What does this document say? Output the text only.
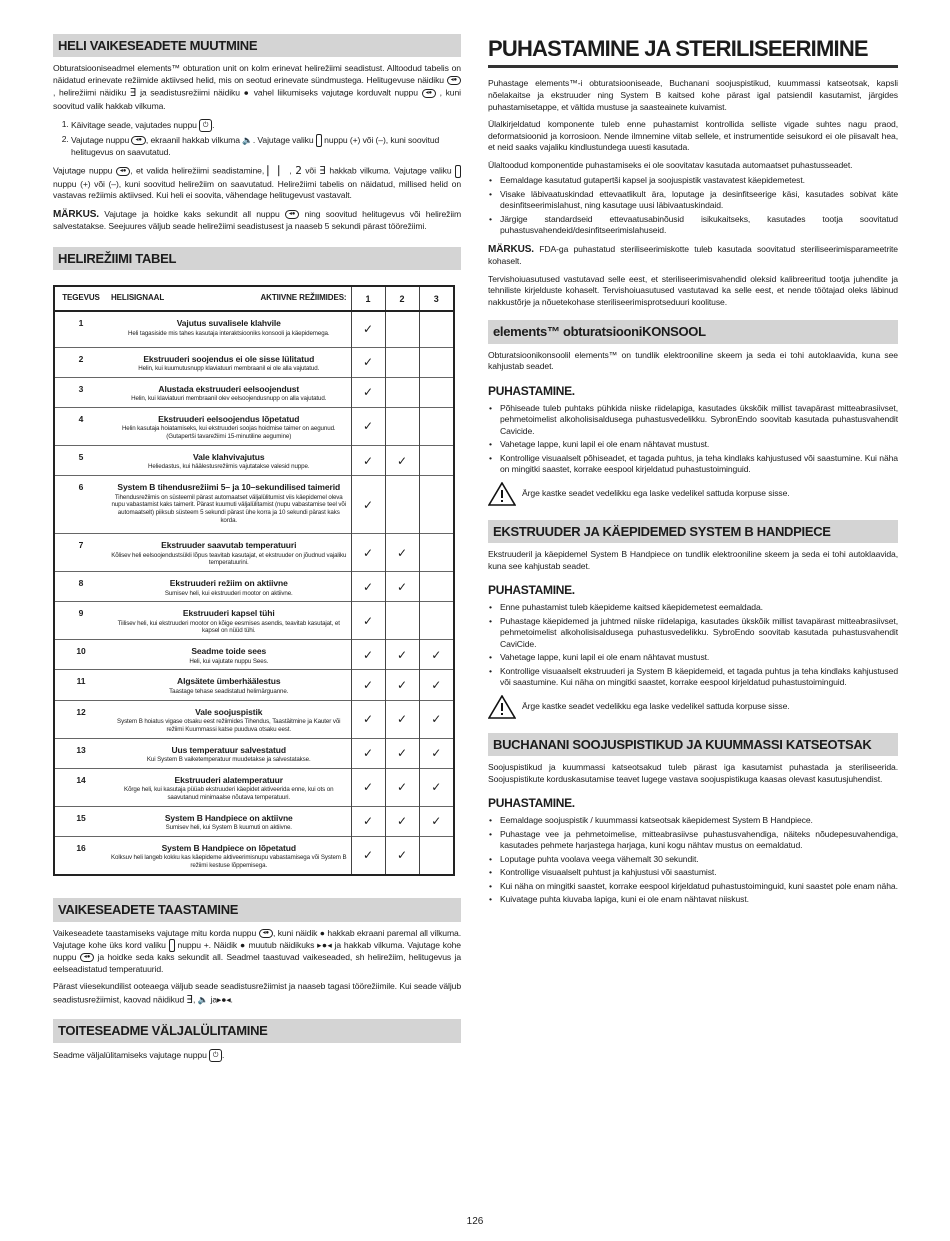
HELI VAIKESEADETE MUUTMINE

Obturatsiooniseadmel elements™ obturation unit on kolm erinevat helirežiimi seadistust. Alltoodud tabelis on näidatud erinevate režiimide aktiivsed helid, mis on seotud erinevate sündmustega. Helitugevuse näidiku ◂● , helirežiimi näidiku ∃ ja seadistusrežiimi näidiku ● vahel liikumiseks vajutage korduvalt nuppu ◂● , kuni soovitud valik hakkab vilkuma.

1. Käivitage seade, vajutades nuppu ⏻ .
2. Vajutage nuppu ◂● , ekraanil hakkab vilkuma 🔈. Vajutage valiku nuppu (+) või (–), kuni soovitud helitugevus on saavutatud.

Vajutage nuppu ◂● , et valida helirežiimi seadistamine, ⎸⎸, 2 või ∃ hakkab vilkuma. Vajutage valiku  nuppu (+) või (–), kuni soovitud helirežiim on saavutatud. Helirežiimi tabelis on näidatud, millised helid on vastavas režiimis aktiivsed. Kui heli ei soovita, vähendage helitugevust vastavalt.

MÄRKUS. Vajutage ja hoidke kaks sekundit all nuppu ◂● ning soovitud helitugevus või helirežiim salvestatakse. Seejuures väljub seade helirežiimi seadistusest ja naaseb 5 sekundi pärast töörežiimi.

HELIREŽIIMI TABEL
TEGEVUS	HELISIGNAAL AKTIIVNE REŽIIMIDES:	1	2	3
1	Vajutus suvalisele klahvile
Heli tagasiside mis tahes kasutaja interaktsiooniks konsooli ja käepidemega.	✓		
2	Ekstruuderi soojendus ei ole sisse lülitatud
Helin, kui kuumutusnupp klaviatuuri membraanil ei ole alla vajutatud.	✓		
3	Alustada ekstruuderi eelsoojendust
Helin, kui klaviatuuri membraanil olev eelsoojendusnupp on alla vajutatud.	✓		
4	Ekstruuderi eelsoojendus lõpetatud
Helin kasutaja hoiatamiseks, kui ekstruuderi soojas hoidmise taimer on aegunud. (Gutapertši tavarežiimi 15-minutiline aegumine)	✓		
5	Vale klahvivajutus
Heliedastus, kui häälestusrežiimis vajutatakse valesid nuppe.	✓	✓	
6	System B tihendusrežiimi 5– ja 10–sekundilised taimerid
Tihendusrežiimis on süsteemil pärast automaatset väljalülitumist viis käepidemel oleva nupu vabastamist kaks taimerit. Pärast kuumuti väljalülitamist (nupu vabastamise teel või automaatselt) piiksub süsteem 5 sekundi pärast ühe korra ja 10 sekundi pärast kaks korda.	✓		
7	Ekstruuder saavutab temperatuuri
Kõlisev heli eelsoojendustsükli lõpus teavitab kasutajat, et ekstruuder on jõudnud vajaliku temperatuurini.	✓	✓	
8	Ekstruuderi režiim on aktiivne
Sumisev heli, kui ekstruuderi mootor on aktiivne.	✓	✓	
9	Ekstruuderi kapsel tühi
Tiilisev heli, kui ekstruuderi mootor on kõige eesmises asendis, teavitab kasutajat, et kapsel on nüüd tühi.	✓		
10	Seadme toide sees
Heli, kui vajutate nuppu Sees.	✓	✓	✓
11	Algsätete ümberhäälestus
Taastage tehase seadistatud helirnärguanne.	✓	✓	✓
12	Vale soojuspistik
System B hoiatus vigase otsaku eest režiimides Tihendus, Taastäitmine ja Kauter või režiimi Kuummassi katse puuduva otsaku eest.	✓	✓	✓
13	Uus temperatuur salvestatud
Kui System B vaiketemperatuur muudetakse ja salvestatakse.	✓	✓	✓
14	Ekstruuderi alatemperatuur
Kõrge heli, kui kasutaja püüab ekstruuderi käepidet aktiveerida enne, kui ots on saavutanud minimaalse nõutava temperatuuri.	✓	✓	✓
15	System B Handpiece on aktiivne
Sumisev heli, kui System B kuumuti on aktiivne.	✓	✓	✓
16	System B Handpiece on lõpetatud
Kolksuv heli langeb kokku kas käepideme aktiveerimisnupu vabastamisega või System B režiimi kestuse lõppemisega.	✓	✓	
VAIKESEADETE TAASTAMINE

Vaikeseadete taastamiseks vajutage mitu korda nuppu ◂● , kuni näidik ● hakkab ekraani paremal all vilkuma. Vajutage kohe üks kord valiku nuppu +. Näidik ● muutub näidikuks ▸●◂ ja hakkab vilkuma. Vajutage kohe nuppu ◂● ja hoidke seda kaks sekundit all. Seadmel taastuvad vaikeseaded, sh helirežiim, helitugevus ja eelseadistatud temperatuurid.

Pärast viiesekundilist ooteaega väljub seade seadistusrežiimist ja naaseb tagasi töörežiimile. Kui seade väljub seadistusrežiimist, kaovad näidikud ∃, 🔈 ja▸●◂.

TOITESEADME VÄLJALÜLITAMINE

Seadme väljalülitamiseks vajutage nuppu ⏻ .

PUHASTAMINE JA STERILISEERIMINE

Puhastage elements™-i obturatsiooniseade, Buchanani soojuspistikud, kuummassi katseotsak, kapsli nõelakaitse ja ekstruuder ning System B kaitsed kohe pärast igal patsiendil kasutamist, järgides puhastamisetappe, et vältida mustuse ja saasteainete kuivamist.

Ülalkirjeldatud komponente tuleb enne puhastamist kontrollida selliste vigade suhtes nagu praod, deformatsioonid ja korrosioon. Nende ilmnemine viitab sellele, et instrumentide seisukord ei ole piisavalt hea, et neid saaks vajaliku kindlustundega uuesti kasutada.

Ülaltoodud komponentide puhastamiseks ei ole soovitatav kasutada automaatset puhastusseadet.

• Eemaldage kasutatud gutapertši kapsel ja soojuspistik vastavatest käepidemetest.
• Visake läbivaatuskindad ettevaatlikult ära, loputage ja desinfitseerige käsi, kasutades sobivat käte desinfitseerimislahust, ning kasutage uusi läbivaatuskindaid.
• Järgige standardseid ettevaatusabinõusid isikukaitseks, kasutades tootja soovitatud puhastusvahendeid/desinfitseerimislahuseid.

MÄRKUS. FDA-ga puhastatud steriliseerimiskotte tuleb kasutada soovitatud steriliseerimisparameetrite kohaselt.

Tervishoiuasutused vastutavad selle eest, et steriliseerimisvahendid oleksid kalibreeritud tootja juhendite ja tehniliste kirjelduste kohaselt. Tervishoiuasutused vastutavad ka selle eest, et nende töötajad oleks läbinud nakkustõrje ja nõuetekohase steriliseerimisprotseduuri koolituse.

elements™ obturatsiooniKONSOOL

Obturatsioonikonsoolil elements™ on tundlik elektrooniline skeem ja seda ei tohi autoklaavida, kuna see kahjustab seadet.

PUHASTAMINE.
• Põhiseade tuleb puhtaks pühkida niiske riidelapiga, kasutades ükskõik millist tavapärast mitteabrasiivset, pehmetoimelist alkoholisisaldusega puhastusvedelikku. SybronEndo soovitab kasutada puhastusvahendit Cavicide.
• Vahetage lappe, kuni lapil ei ole enam nähtavat mustust.
• Kontrollige visuaalselt põhiseadet, et tagada puhtus, ja teha kindlaks kahjustused või saastumine. Kui näha on mingitki saastet, korrake eespool kirjeldatud puhastustoiminguid.
Ärge kastke seadet vedelikku ega laske vedelikel sattuda korpuse sisse.
EKSTRUUDER JA KÄEPIDEMED SYSTEM B HANDPIECE

Ekstruuderil ja käepidemel System B Handpiece on tundlik elektrooniline skeem ja seda ei tohi autoklaavida, kuna see kahjustab seadet.

PUHASTAMINE.
• Enne puhastamist tuleb käepideme kaitsed käepidemetest eemaldada.
• Puhastage käepidemed ja juhtmed niiske riidelapiga, kasutades ükskõik millist tavapärast mitteabrasiivset, pehmetoimelist alkoholisisaldusega puhastusvedelikku. SybroEndo soovitab kasutada puhastusvahendit CaviCide.
• Vahetage lappe, kuni lapil ei ole enam nähtavat mustust.
• Kontrollige visuaalselt ekstruuderi ja System B käepidemeid, et tagada puhtus ja teha kindlaks kahjustused või saastumine. Kui näha on mingitki saastet, korrake eespool kirjeldatud puhastustoiminguid.
Ärge kastke seadet vedelikku ega laske vedelikel sattuda korpuse sisse.
BUCHANANI SOOJUSPISTIKUD JA KUUMMASSI KATSEOTSAK

Soojuspistikud ja kuummassi katseotsakud tuleb pärast iga kasutamist puhastada ja steriliseerida. Soojuspistikute korduskasutamise teavet lugege vastava soojuspistikuga kaasas olevast kasutusjuhendist.

PUHASTAMINE.
• Eemaldage soojuspistik / kuummassi katseotsak käepidemest System B Handpiece.
• Puhastage vee ja pehmetoimelise, mitteabrasiivse puhastusvahendiga, näiteks nõudepesuvahendiga, kasutades pehmete harjastega harjaga, kuni kogu nähtav mustus on eemaldatud.
• Loputage puhta voolava veega vähemalt 30 sekundit.
• Kontrollige visuaalselt puhtust ja kahjustusi või saastumist.
• Kui näha on mingitki saastet, korrake eespool kirjeldatud puhastustoiminguid, kuni saastet pole enam näha.
• Kuivatage puhta kiuvaba lapiga, kuni ei ole enam nähtavat niiskust.
126
